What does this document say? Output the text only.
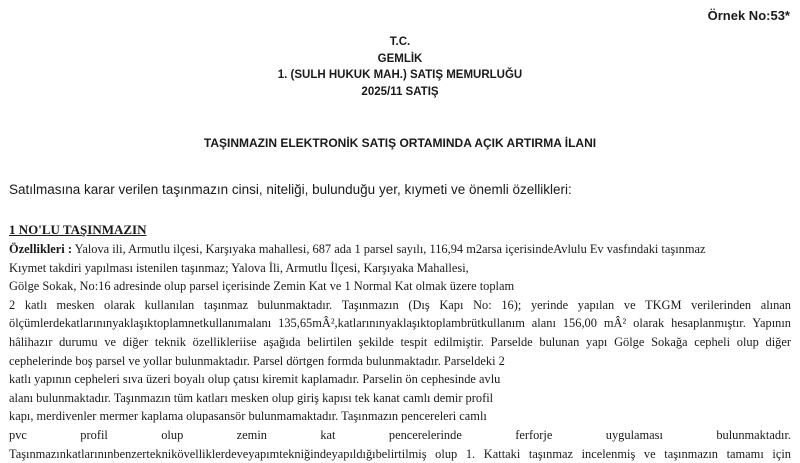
Örnek No:53*
T.C.
GEMLİK
1. (SULH HUKUK MAH.) SATIŞ MEMURLUĞU
2025/11 SATIŞ
TAŞINMAZIN ELEKTRONİK SATIŞ ORTAMINDA AÇIK ARTIRMA İLANI
Satılmasına karar verilen taşınmazın cinsi, niteliği, bulunduğu yer, kıymeti ve önemli özellikleri:
1 NO'LU TAŞINMAZIN
Özellikleri : Yalova ili, Armutlu ilçesi, Karşıyaka mahallesi, 687 ada 1 parsel sayılı, 116,94 m2arsa içerisindeAvlulu Ev vasfındaki taşınmaz
Kıymet takdiri yapılması istenilen taşınmaz; Yalova İli, Armutlu İlçesi, Karşıyaka Mahallesi,
Gölge Sokak, No:16 adresinde olup parsel içerisinde Zemin Kat ve 1 Normal Kat olmak üzere toplam
2 katlı mesken olarak kullanılan taşınmaz bulunmaktadır. Taşınmazın (Dış Kapı No: 16); yerinde yapılan ve TKGM verilerinden alınan
ölçümlerdekatlarınınyaklaşıktoplamnetkullanımalanı 135,65mÂ²,katlarınınyaklaşıktoplambrütkullanım alanı 156,00 mÂ² olarak hesaplanmıştır. Yapının
hâlihazır durumu ve diğer teknik özellikleriise aşağıda belirtilen şekilde tespit edilmiştir. Parselde bulunan yapı Gölge Sokağa cepheli olup diğer
cephelerinde boş parsel ve yollar bulunmaktadır. Parsel dörtgen formda bulunmaktadır. Parseldeki 2
katlı yapının cepheleri sıva üzeri boyalı olup çatısı kiremit kaplamadır. Parselin ön cephesinde avlu
alanı bulunmaktadır. Taşınmazın tüm katları mesken olup giriş kapısı tek kanat camlı demir profil
kapı, merdivenler mermer kaplama olupasansör bulunmamaktadır. Taşınmazın pencereleri camlı
pvc profil olup zemin kat pencerelerinde ferforje uygulaması bulunmaktadır.
Taşınmazınkatlarınınbenzerteknikövelliklerdeveyapımtekniğindeyapıldığıbelirtilmiş olup 1. Kattaki taşınmaz incelenmiş ve taşınmazın tamamı için
